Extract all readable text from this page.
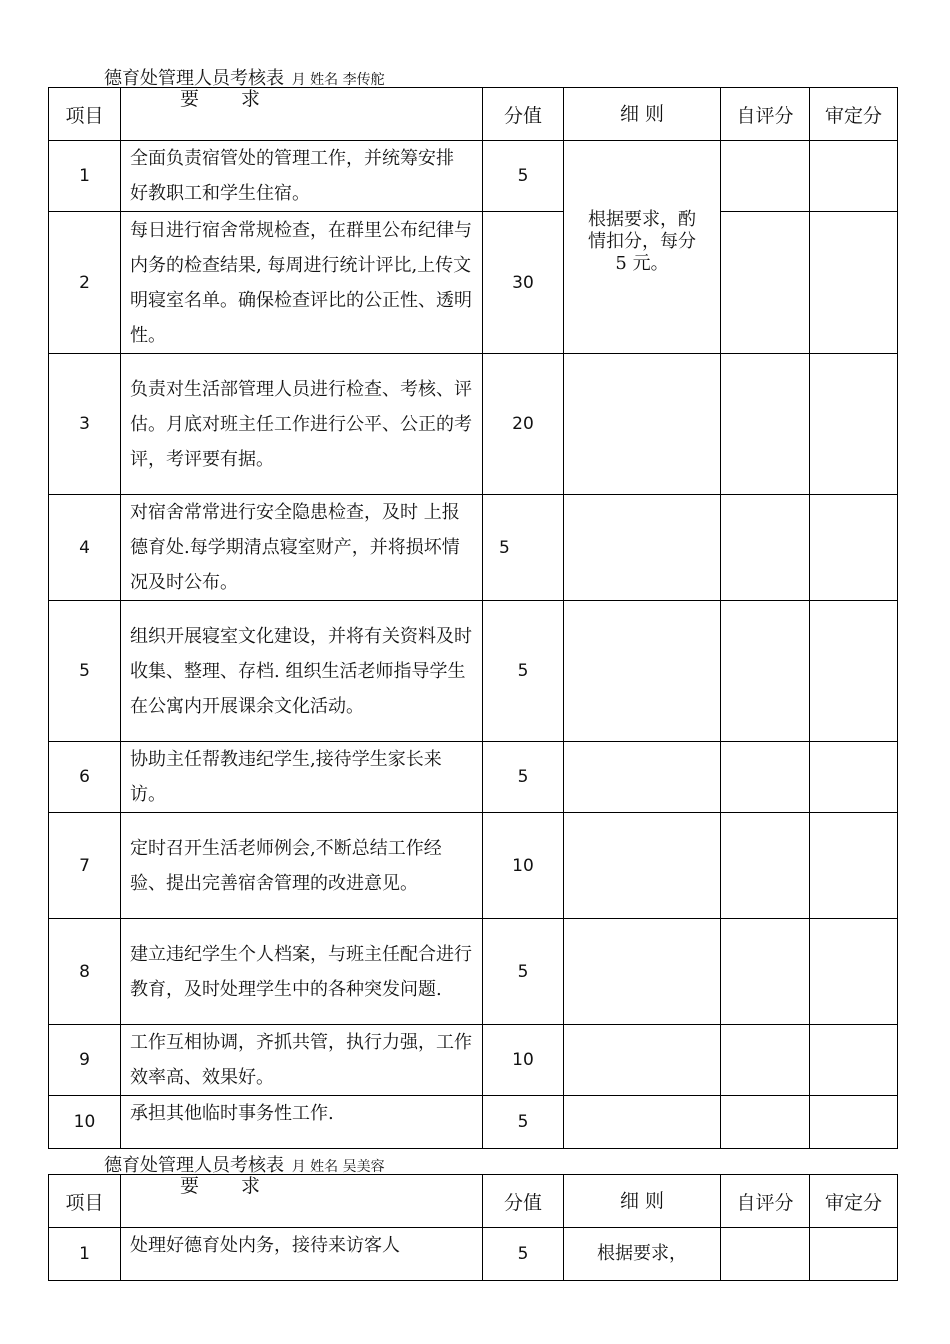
德育处管理人员考核表 月 姓名 李传舵
项目	要 求	分值	细 则	自评分	审定分
1	全面负责宿管处的管理工作，并统筹安排 好教职工和学生住宿。	5	根据要求，酌情扣分，每分 5 元。		
2	每日进行宿舍常规检查，在群里公布纪律与内务的检查结果, 每周进行统计评比,上传文明寝室名单。确保检查评比的公正性、透明性。	30			
3	负责对生活部管理人员进行检查、考核、评估。月底对班主任工作进行公平、公正的考评，考评要有据。	20			
4	对宿舍常常进行安全隐患检查，及时 上报德育处.每学期清点寝室财产，并将损坏情况及时公布。	5			
5	组织开展寝室文化建设，并将有关资料及时收集、整理、存档. 组织生活老师指导学生在公寓内开展课余文化活动。	5			
6	协助主任帮教违纪学生,接待学生家长来访。	5			
7	定时召开生活老师例会,不断总结工作经验、提出完善宿舍管理的改进意见。	10			
8	建立违纪学生个人档案，与班主任配合进行教育，及时处理学生中的各种突发问题.	5			
9	工作互相协调，齐抓共管，执行力强，工作效率高、效果好。	10			
10	承担其他临时事务性工作.	5			
德育处管理人员考核表 月 姓名 吴美容
项目	要 求	分值	细 则	自评分	审定分
1	处理好德育处内务，接待来访客人	5	根据要求，		
